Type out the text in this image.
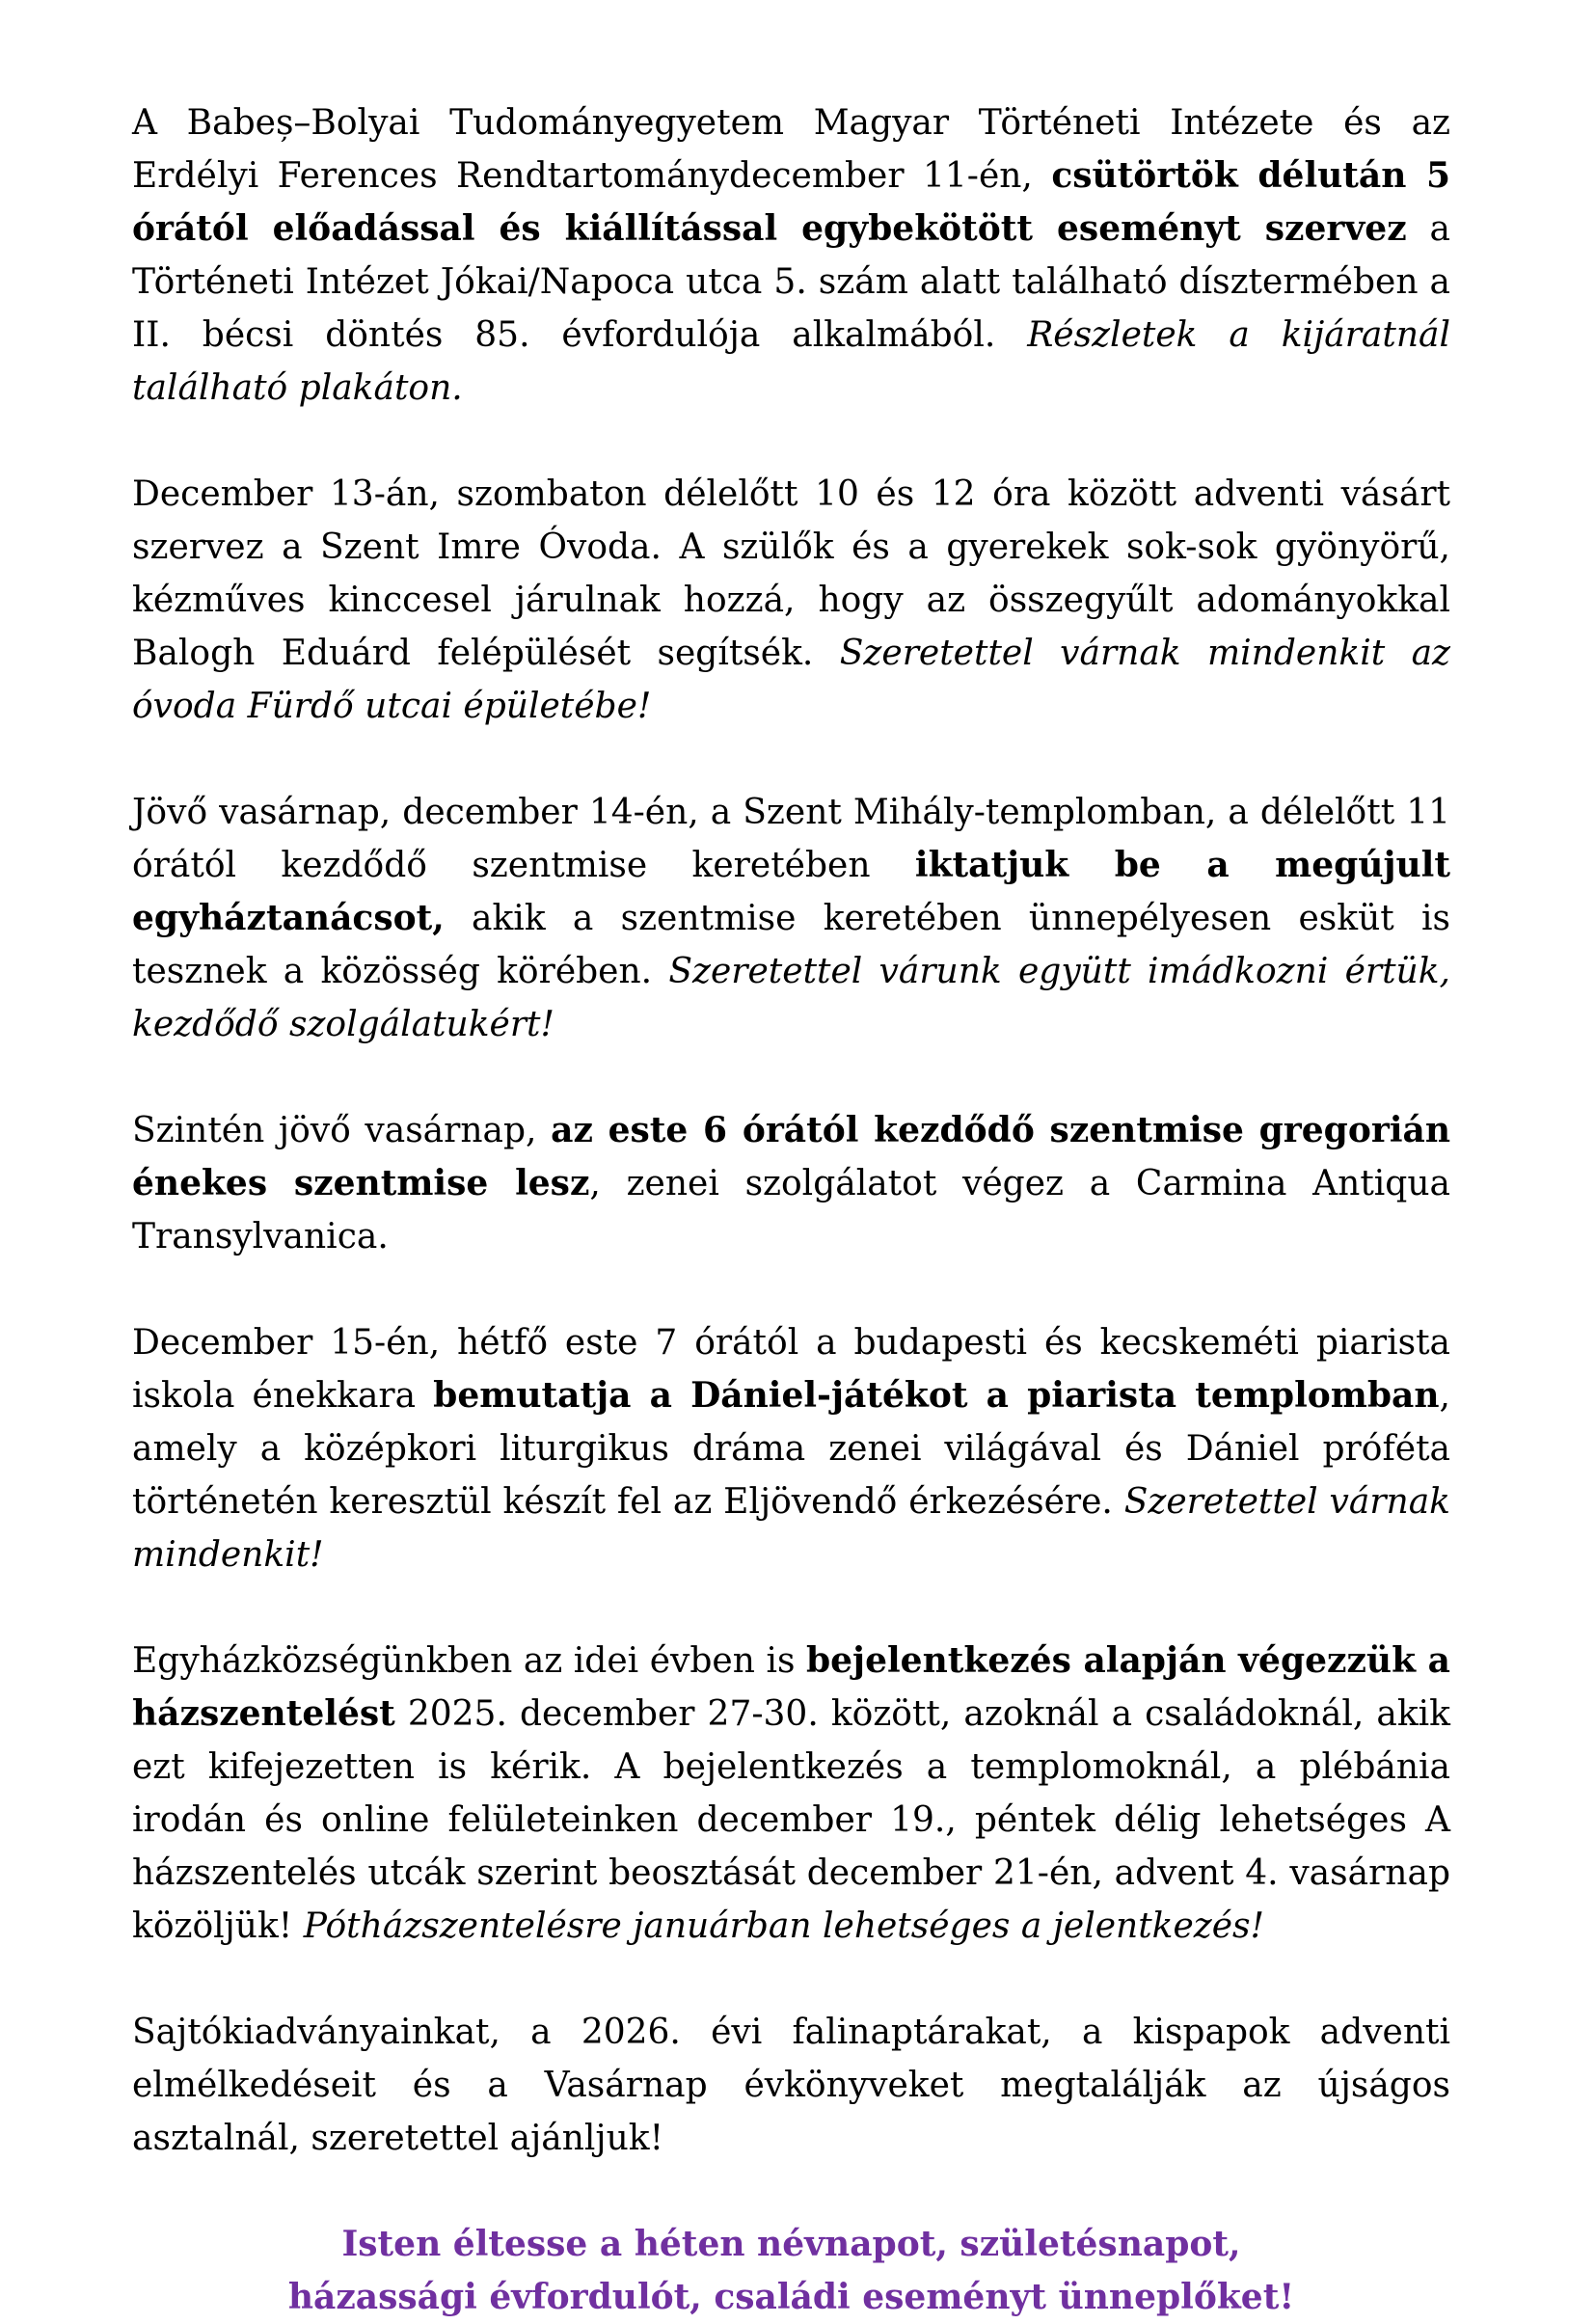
A Babeș–Bolyai Tudományegyetem Magyar Történeti Intézete és az Erdélyi Ferences Rendtartománydecember 11-én, csütörtök délután 5 órától előadással és kiállítással egybekötött eseményt szervez a Történeti Intézet Jókai/Napoca utca 5. szám alatt található dísztermében a II. bécsi döntés 85. évfordulója alkalmából. Részletek a kijáratnál található plakáton.

December 13-án, szombaton délelőtt 10 és 12 óra között adventi vásárt szervez a Szent Imre Óvoda. A szülők és a gyerekek sok-sok gyönyörű, kézműves kinccesel járulnak hozzá, hogy az összegyűlt adományokkal Balogh Eduárd felépülését segítsék. Szeretettel várnak mindenkit az óvoda Fürdő utcai épületébe!

Jövő vasárnap, december 14-én, a Szent Mihály-templomban, a délelőtt 11 órától kezdődő szentmise keretében iktatjuk be a megújult egyháztanácsot, akik a szentmise keretében ünnepélyesen esküt is tesznek a közösség körében. Szeretettel várunk együtt imádkozni értük, kezdődő szolgálatukért!

Szintén jövő vasárnap, az este 6 órától kezdődő szentmise gregorián énekes szentmise lesz, zenei szolgálatot végez a Carmina Antiqua Transylvanica.

December 15-én, hétfő este 7 órától a budapesti és kecskeméti piarista iskola énekkara bemutatja a Dániel-játékot a piarista templomban, amely a középkori liturgikus dráma zenei világával és Dániel próféta történetén keresztül készít fel az Eljövendő érkezésére. Szeretettel várnak mindenkit!

Egyházközségünkben az idei évben is bejelentkezés alapján végezzük a házszentelést 2025. december 27-30. között, azoknál a családoknál, akik ezt kifejezetten is kérik. A bejelentkezés a templomoknál, a plébánia irodán és online felületeinken december 19., péntek délig lehetséges A házszentelés utcák szerint beosztását december 21-én, advent 4. vasárnap közöljük! Pótházszentelésre januárban lehetséges a jelentkezés!

Sajtókiadványainkat, a 2026. évi falinaptárakat, a kispapok adventi elmélkedéseit és a Vasárnap évkönyveket megtalálják az újságos asztalnál, szeretettel ajánljuk!

Isten éltesse a héten névnapot, születésnapot,
házassági évfordulót, családi eseményt ünneplőket!
